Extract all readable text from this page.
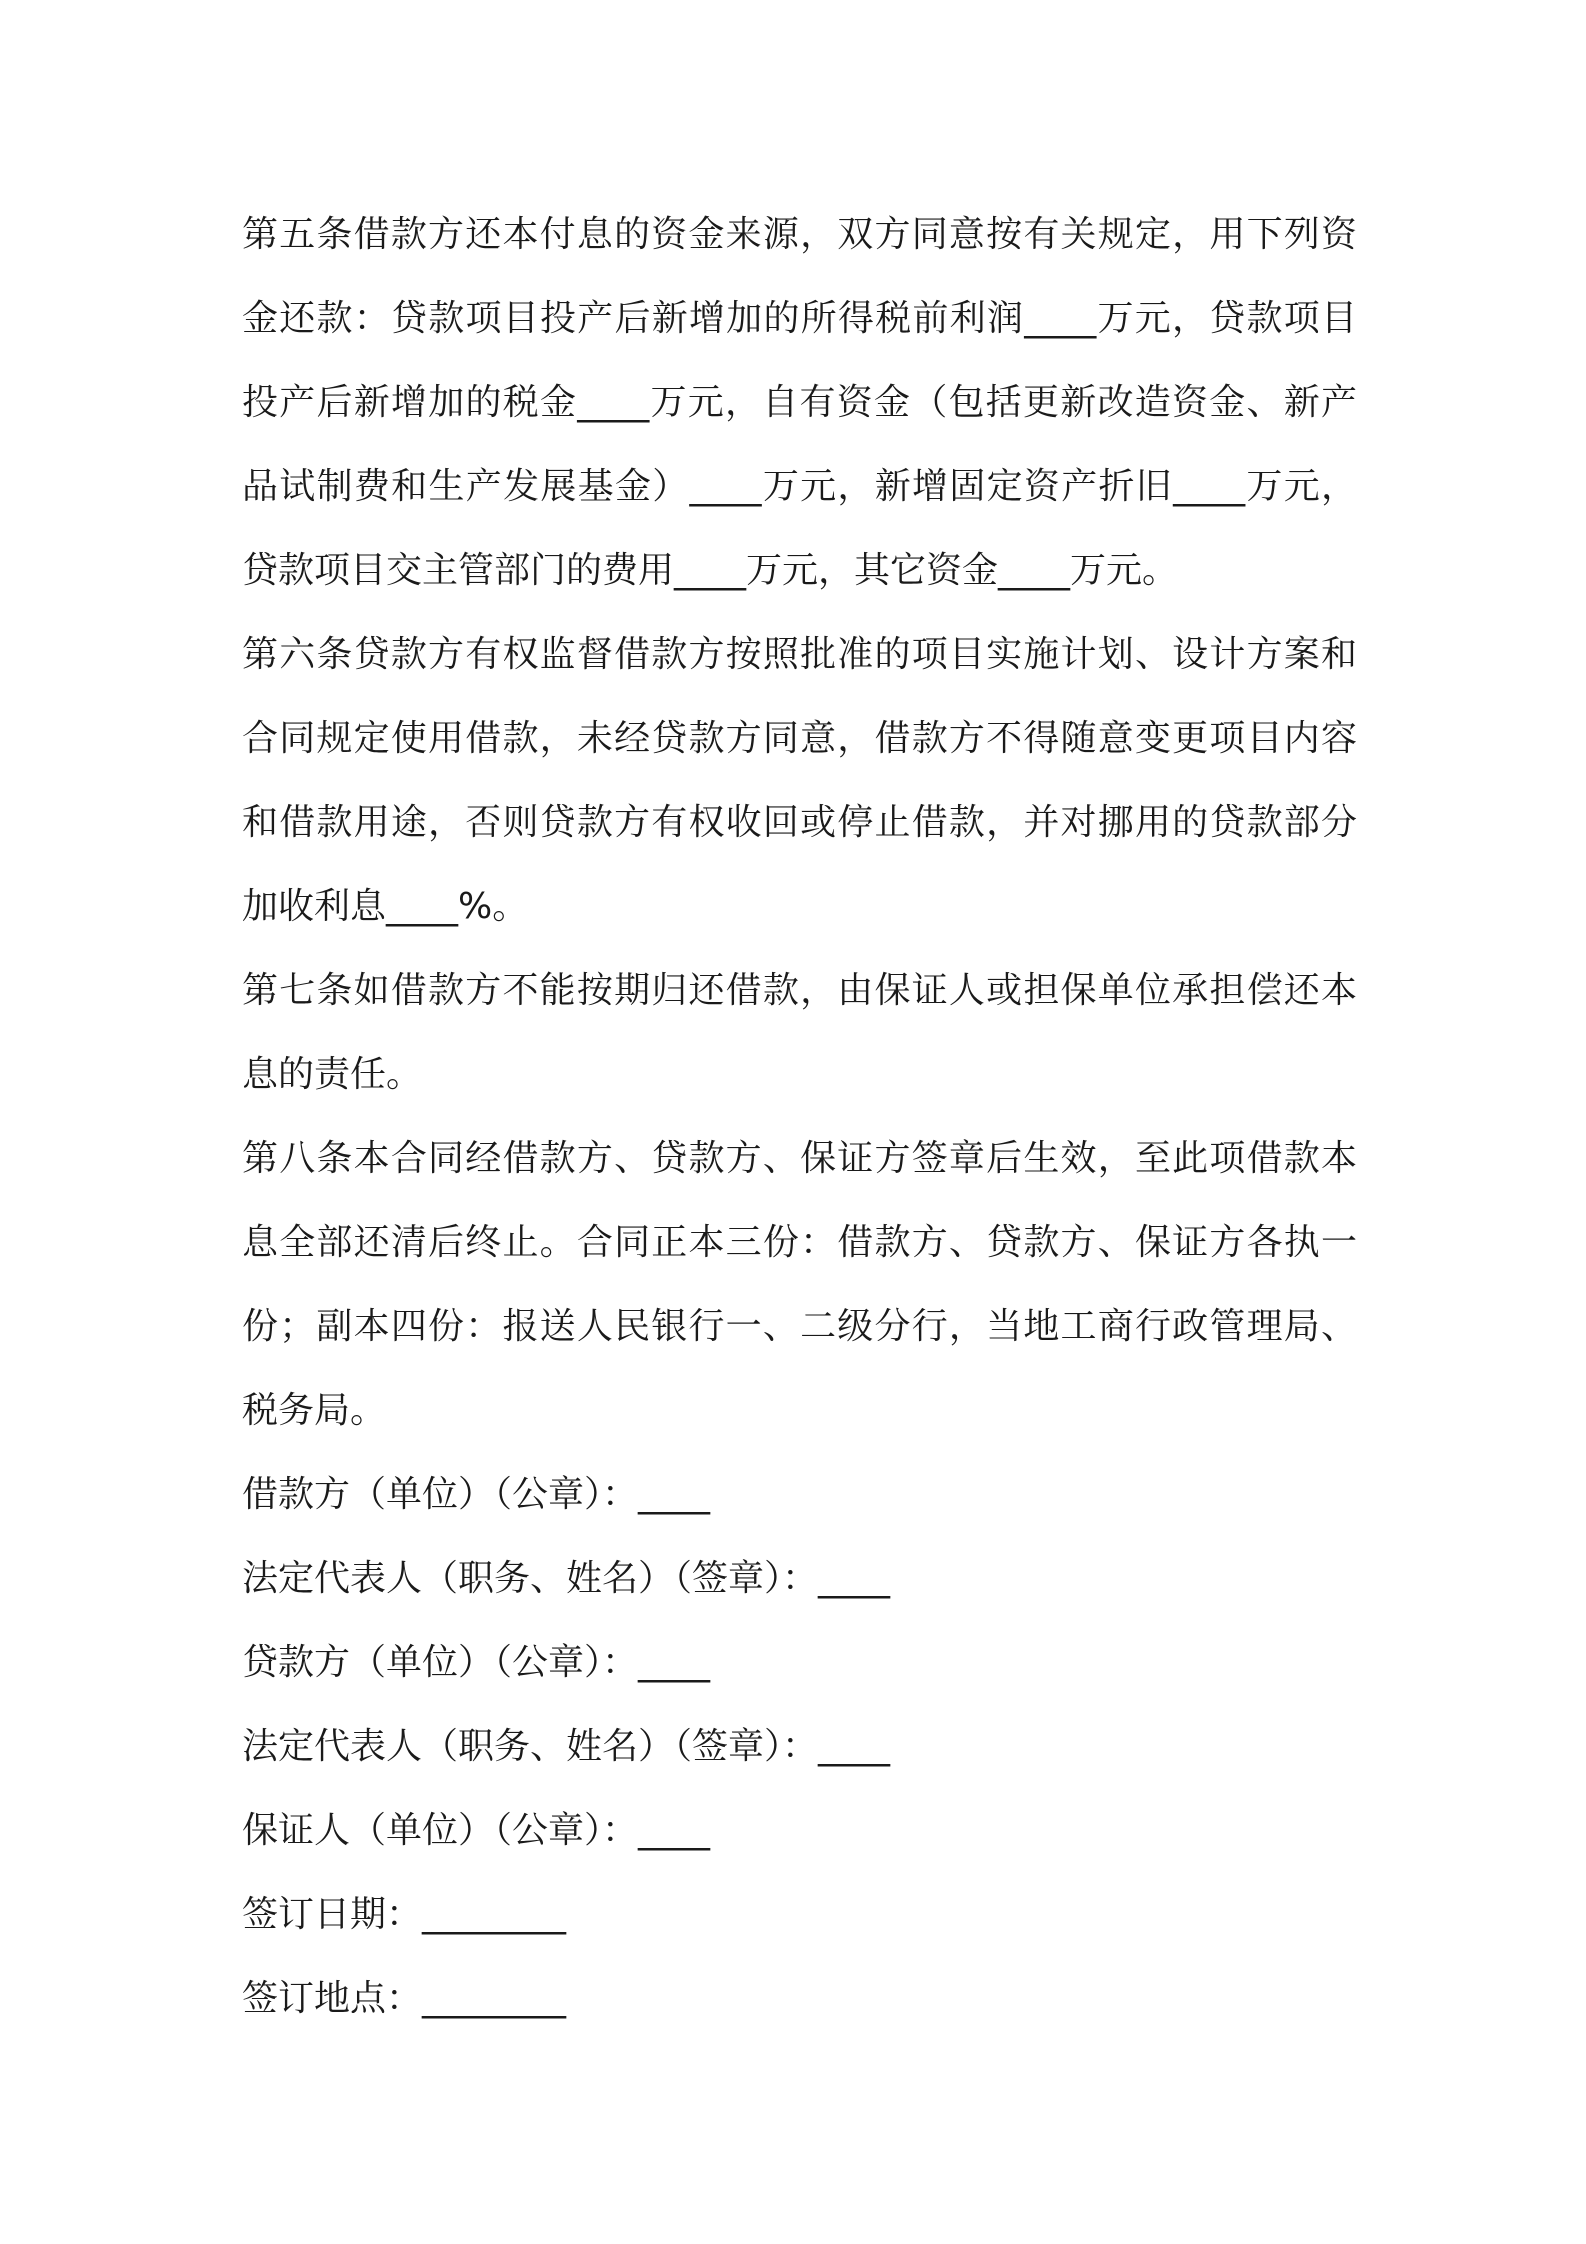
第五条借款方还本付息的资金来源，双方同意按有关规定，用下列资金还款：贷款项目投产后新增加的所得税前利润____万元，贷款项目投产后新增加的税金____万元，自有资金（包括更新改造资金、新产品试制费和生产发展基金）____万元，新增固定资产折旧____万元，贷款项目交主管部门的费用____万元，其它资金____万元。

第六条贷款方有权监督借款方按照批准的项目实施计划、设计方案和合同规定使用借款，未经贷款方同意，借款方不得随意变更项目内容和借款用途，否则贷款方有权收回或停止借款，并对挪用的贷款部分加收利息____%。

第七条如借款方不能按期归还借款，由保证人或担保单位承担偿还本息的责任。

第八条本合同经借款方、贷款方、保证方签章后生效，至此项借款本息全部还清后终止。合同正本三份：借款方、贷款方、保证方各执一份；副本四份：报送人民银行一、二级分行，当地工商行政管理局、税务局。

借款方（单位）（公章）：____

法定代表人（职务、姓名）（签章）：____

贷款方（单位）（公章）：____

法定代表人（职务、姓名）（签章）：____

保证人（单位）（公章）：____

签订日期：________

签订地点：________
